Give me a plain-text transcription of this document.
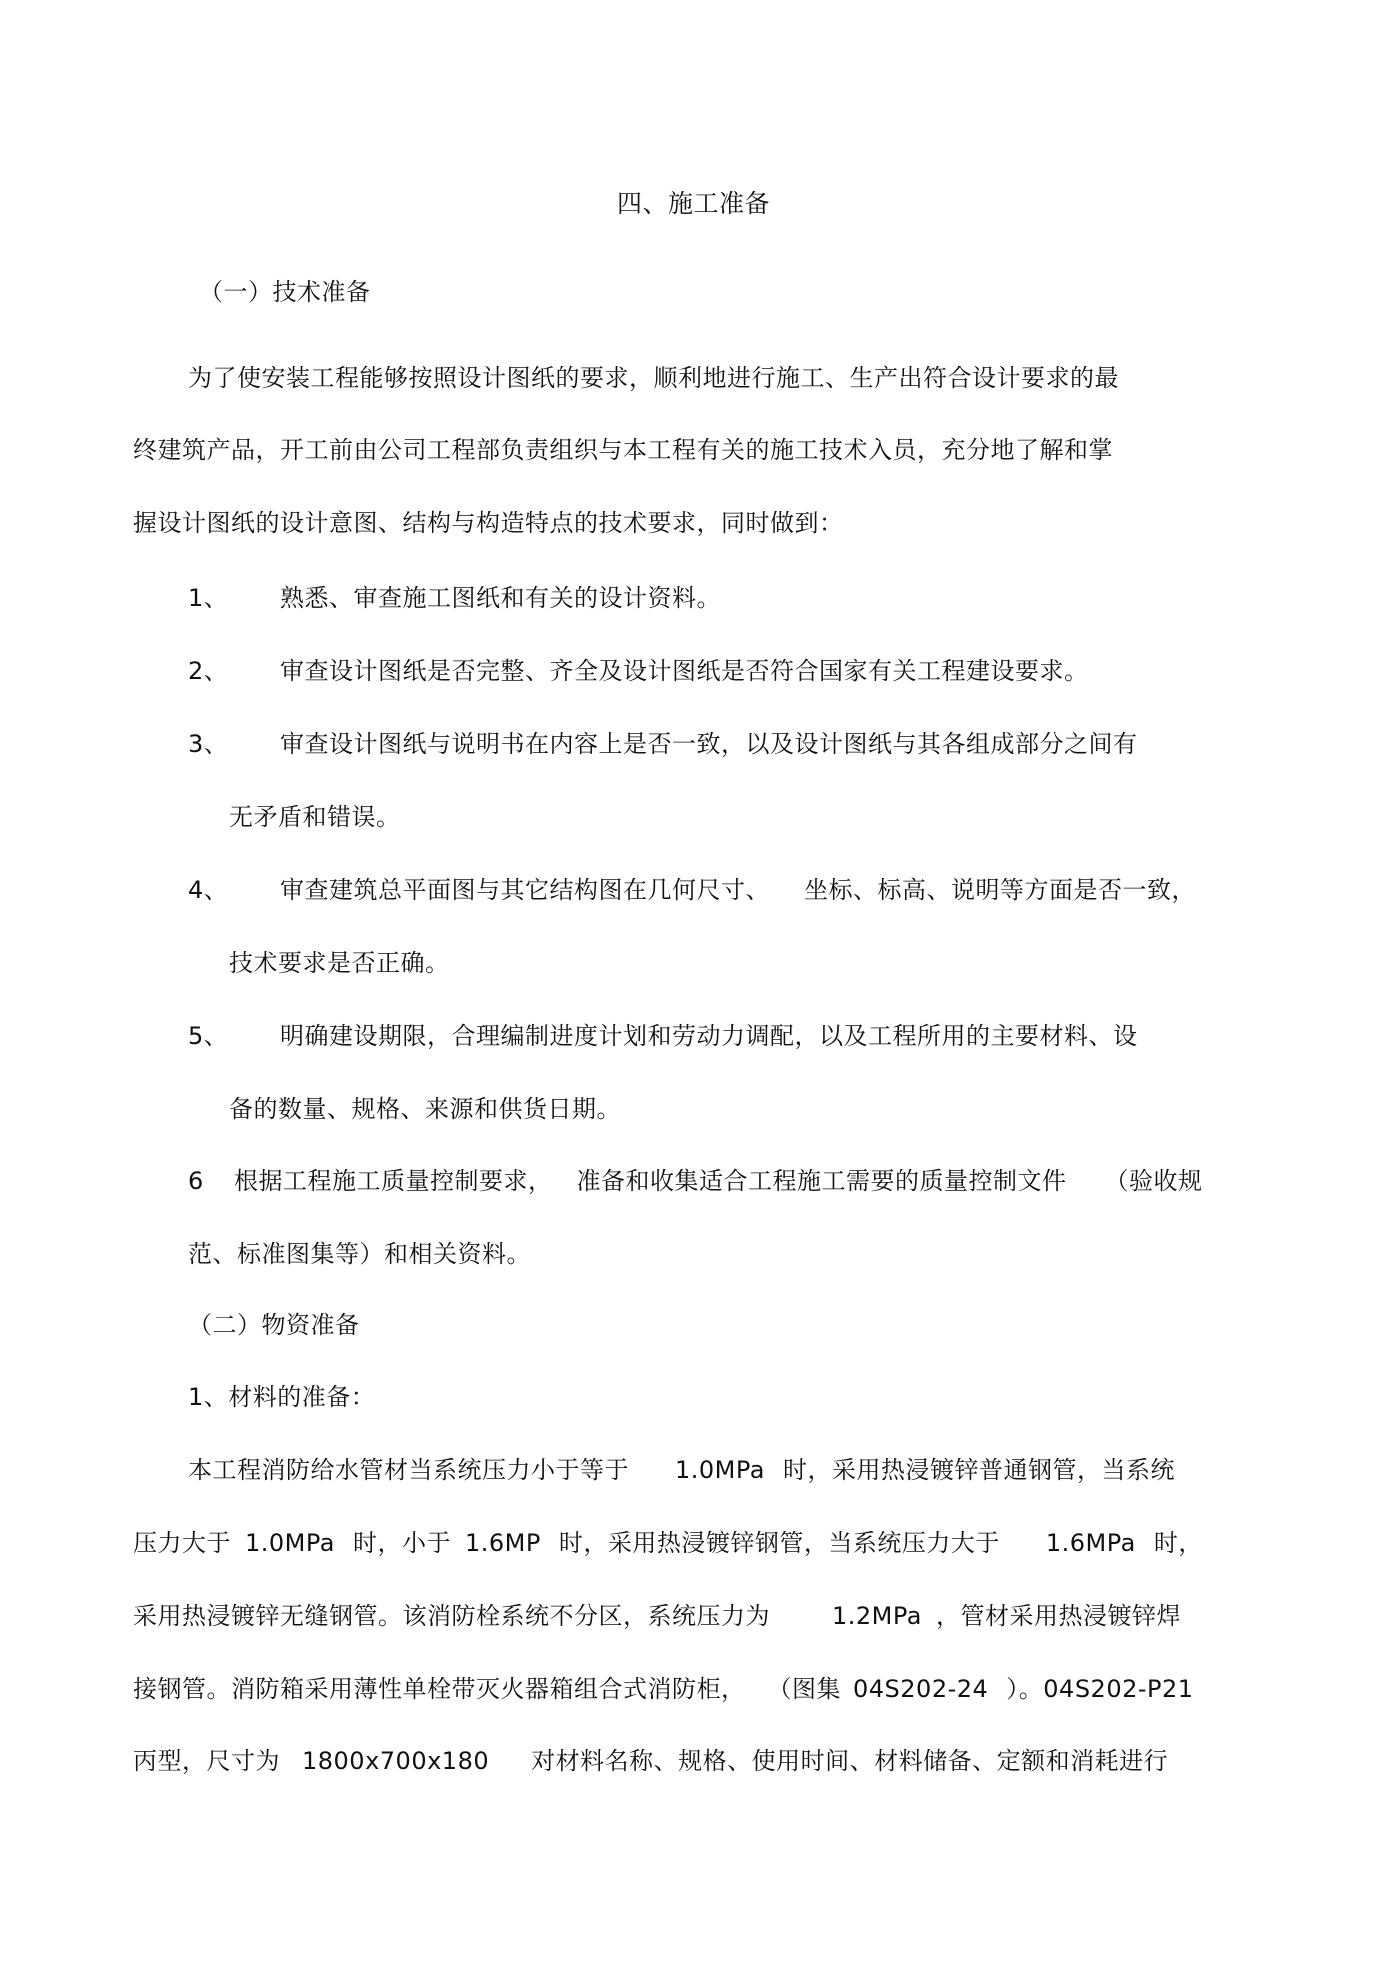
四、施工准备
（一）技术准备
为了使安装工程能够按照设计图纸的要求，顺利地进行施工、生产出符合设计要求的最
终建筑产品，开工前由公司工程部负责组织与本工程有关的施工技术入员，充分地了解和掌
握设计图纸的设计意图、结构与构造特点的技术要求，同时做到：
1、 熟悉、审查施工图纸和有关的设计资料。
2、 审查设计图纸是否完整、齐全及设计图纸是否符合国家有关工程建设要求。
3、 审查设计图纸与说明书在内容上是否一致，以及设计图纸与其各组成部分之间有
无矛盾和错误。
4、 审查建筑总平面图与其它结构图在几何尺寸、 坐标、标高、说明等方面是否一致，
技术要求是否正确。
5、 明确建设期限，合理编制进度计划和劳动力调配，以及工程所用的主要材料、设
备的数量、规格、来源和供货日期。
6 根据工程施工质量控制要求， 准备和收集适合工程施工需要的质量控制文件 （验收规
范、标准图集等）和相关资料。
（二）物资准备
1、材料的准备：
本工程消防给水管材当系统压力小于等于 1.0MPa 时，采用热浸镀锌普通钢管，当系统
压力大于 1.0MPa 时，小于 1.6MP 时，采用热浸镀锌钢管，当系统压力大于 1.6MPa 时，
采用热浸镀锌无缝钢管。该消防栓系统不分区，系统压力为	1.2MPa ，管材采用热浸镀锌焊
接钢管。消防箱采用薄性单栓带灭火器箱组合式消防柜， （图集 04S202-24 ）。04S202-P21
丙型，尺寸为 1800x700x180 对材料名称、规格、使用时间、材料储备、定额和消耗进行
